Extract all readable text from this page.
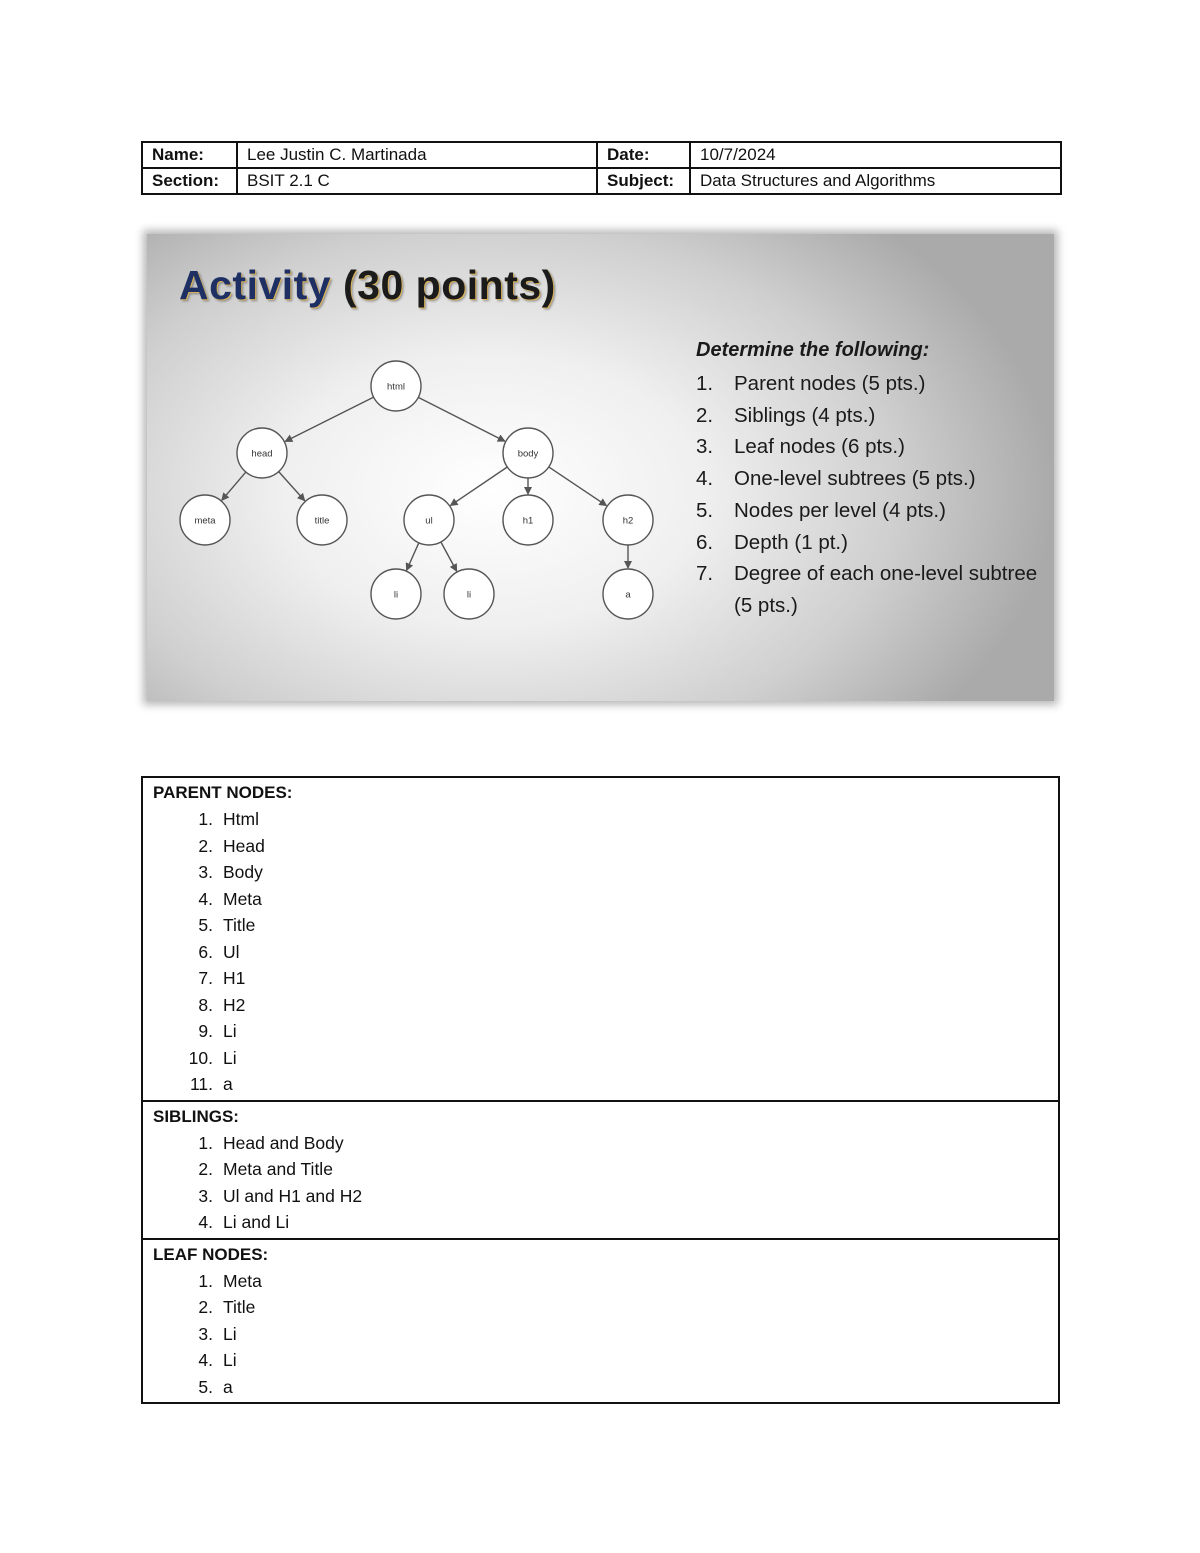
Name:	Lee Justin C. Martinada	Date:	10/7/2024
Section:	BSIT 2.1 C	Subject:	Data Structures and Algorithms
Activity (30 points)
html
head	body
meta	title	ul	h1	h2
li	li	a

Determine the following:

1.	Parent nodes (5 pts.)
2.	Siblings (4 pts.)
3.	Leaf nodes (6 pts.)
4.	One-level subtrees (5 pts.)
5.	Nodes per level (4 pts.)
6.	Depth (1 pt.)
7.	Degree of each one-level subtree (5 pts.)
PARENT NODES:
1. Html
2. Head
3. Body
4. Meta
5. Title
6. Ul
7. H1
8. H2
9. Li
10. Li
11. a

SIBLINGS:
1. Head and Body
2. Meta and Title
3. Ul and H1 and H2
4. Li and Li

LEAF NODES:
1. Meta
2. Title
3. Li
4. Li
5. a
